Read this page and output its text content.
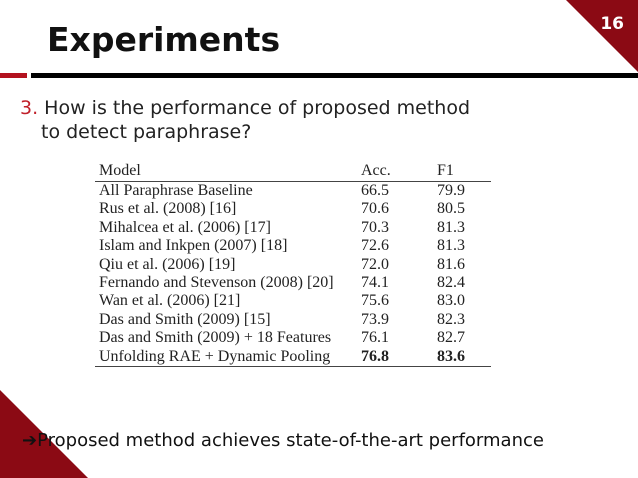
16
Experiments
3. How is the performance of proposed method
to detect paraphrase?
Model	Acc.	F1
All Paraphrase Baseline	66.5	79.9
Rus et al. (2008) [16]	70.6	80.5
Mihalcea et al. (2006) [17]	70.3	81.3
Islam and Inkpen (2007) [18]	72.6	81.3
Qiu et al. (2006) [19]	72.0	81.6
Fernando and Stevenson (2008) [20]	74.1	82.4
Wan et al. (2006) [21]	75.6	83.0
Das and Smith (2009) [15]	73.9	82.3
Das and Smith (2009) + 18 Features	76.1	82.7
Unfolding RAE + Dynamic Pooling	76.8	83.6
➔Proposed method achieves state-of-the-art performance
